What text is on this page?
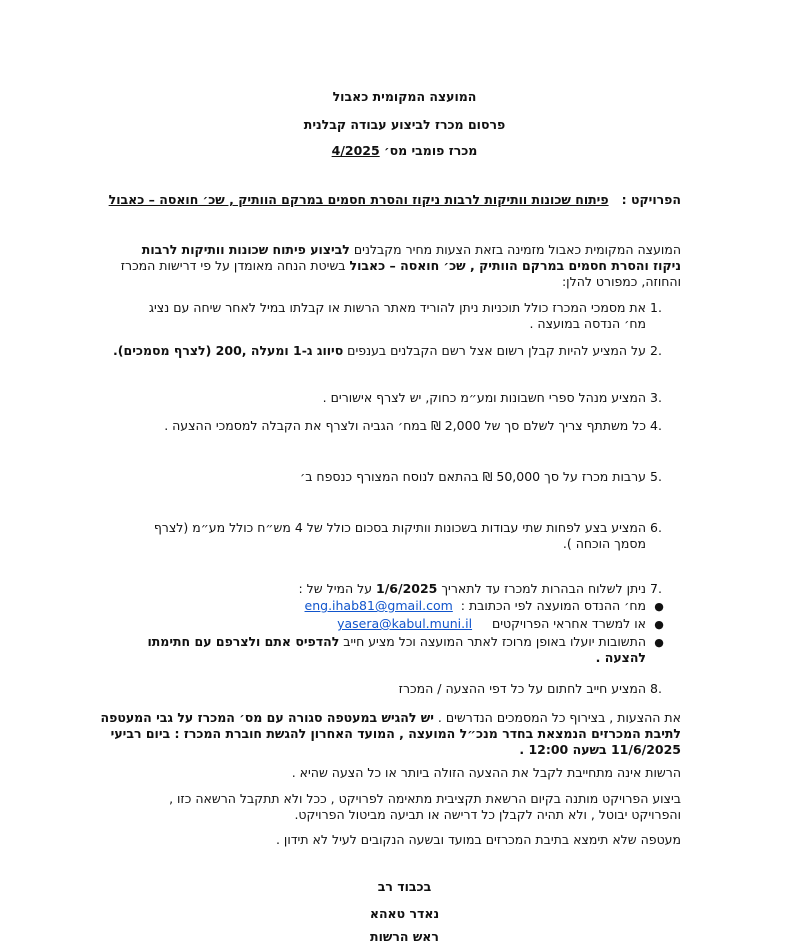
המועצה המקומית כאבול
פרסום מכרז לביצוע עבודה קבלנית
מכרז פומבי מס׳ 4/2025
הפרויקט :   פיתוח שכונות וותיקות לרבות ניקוז והסרת חסמים במרקם הוותיק , שכ׳ חואסה – כאבול
המועצה המקומית כאבול מזמינה בזאת הצעות מחיר מקבלנים לביצוע פיתוח שכונות וותיקות לרבות
ניקוז והסרת חסמים במרקם הוותיק , שכ׳ חואסה – כאבול בשיטת הנחה מאומדן על פי דרישות המכרז
והחוזה, כמפורט להלן:
1.
את מסמכי המכרז כולל תוכניות ניתן להוריד מאתר הרשות או קבלתו במיל לאחר שיחה עם נציג
מח׳ הנדסה במועצה .
2.
על המציע להיות קבלן רשום אצל רשם הקבלנים בענפים סיווג ג-1 ומעלה ,200 (לצרף מסמכים).
3.
המציע מנהל ספרי חשבונות ומע״מ כחוק, יש לצרף אישורים .
4.
כל משתתף צריך לשלם סך של 2,000 ₪ במח׳ הגביה ולצרף את הקבלה למסמכי ההצעה .
5.
ערבות מכרז על סך 50,000 ₪ בהתאם לנוסח המצורף כנספח ב׳
6.
המציע בצע לפחות שתי עבודות בשכונות וותיקות בסכום כולל של 4 מש״ח כולל מע״מ (לצרף
מסמך הוכחה ).
7.
ניתן לשלוח הבהרות למכרז עד לתאריך 1/6/2025 על המיל של :
●
מח׳ ההנדס המועצה לפי הכתובת :  eng.ihab81@gmail.com
●
או למשרד אחראי הפרויקטים     yasera@kabul.muni.il
●
התשובות יועלו באופן מרוכז לאתר המועצה וכל מציע חייב להדפיס אתם ולצרפם עם חתימתו
להצעה .
8.
המציע חייב לחתום על כל דפי ההצעה / המכרז
את ההצעות , בצירוף כל המסמכים הנדרשים . יש להגיש במעטפה סגורה עם מס׳ המכרז על גבי המעטפה
לתיבת המכרזים הנמצאת בחדר מנכ״ל המועצה , המועד האחרון להגשת חוברת המכרז : ביום רביעי
11/6/2025 בשעה 12:00 .
הרשות אינה מתחייבת לקבל את ההצעה הזולה ביותר או כל הצעה שהיא .
ביצוע הפרויקט מותנה בקיום הרשאת תקציבית מתאימה לפרויקט , ככל ולא תתקבל הרשאה כזו ,
והפרויקט יבוטל , ולא תהיה לקבלן כל דרישה או תביעה מביטול הפרויקט.
מעטפה שלא תימצא בתיבת המכרזים במועד ובשעה הנקובים לעיל לא תידון .
בכבוד רב
נאדר טאהא
ראש הרשות
